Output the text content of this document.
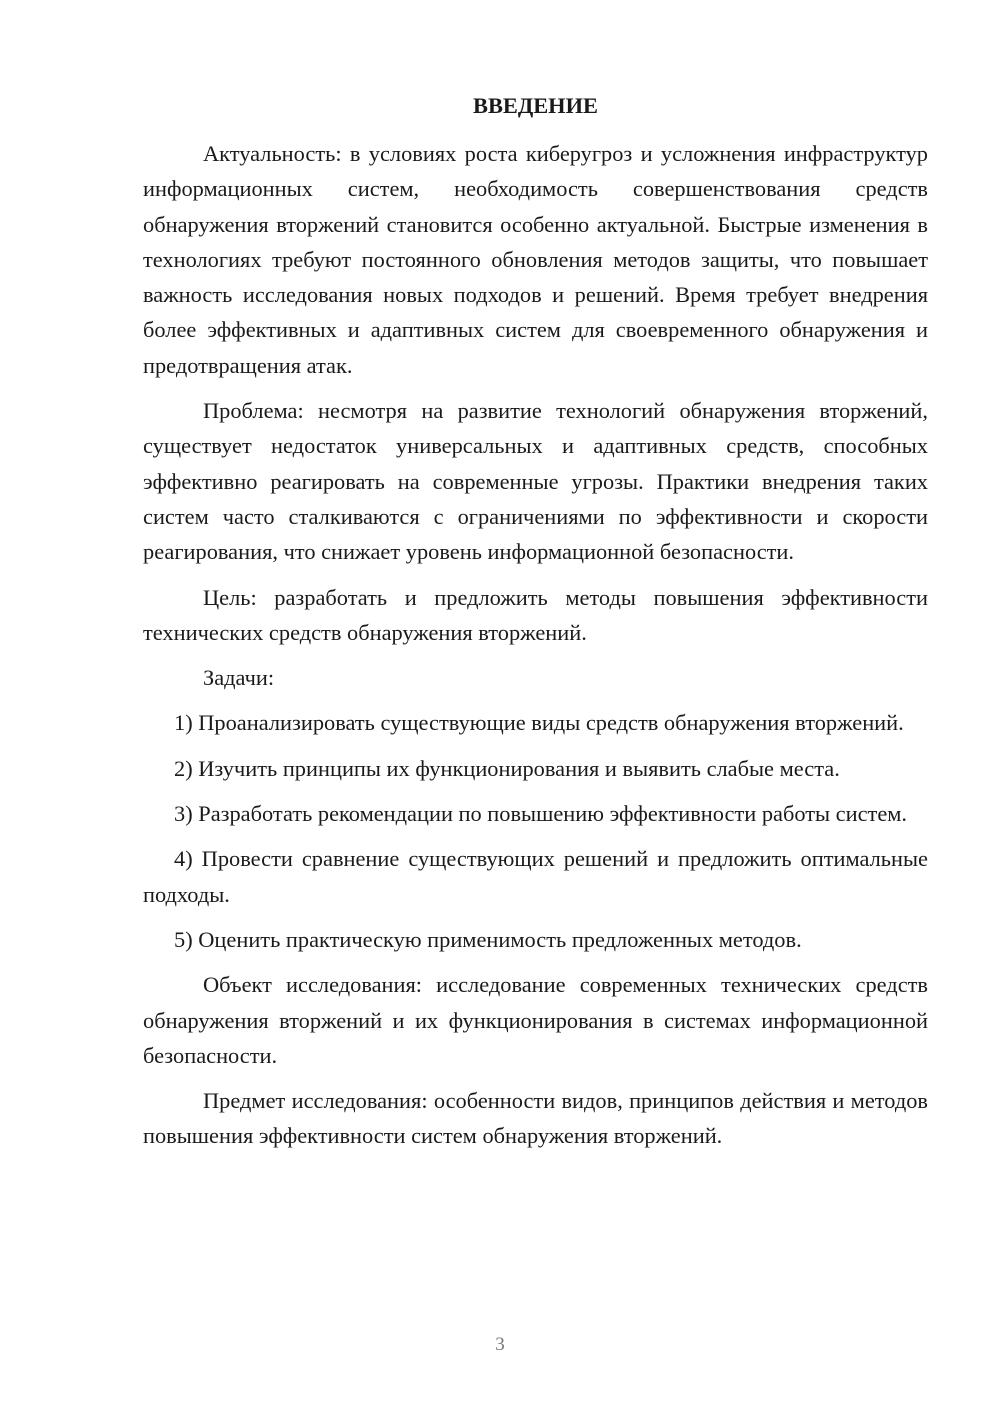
ВВЕДЕНИЕ

Актуальность: в условиях роста киберугроз и усложнения инфраструктур информационных систем, необходимость совершенствования средств обнаружения вторжений становится особенно актуальной. Быстрые изменения в технологиях требуют постоянного обновления методов защиты, что повышает важность исследования новых подходов и решений. Время требует внедрения более эффективных и адаптивных систем для своевременного обнаружения и предотвращения атак.

Проблема: несмотря на развитие технологий обнаружения вторжений, существует недостаток универсальных и адаптивных средств, способных эффективно реагировать на современные угрозы. Практики внедрения таких систем часто сталкиваются с ограничениями по эффективности и скорости реагирования, что снижает уровень информационной безопасности.

Цель: разработать и предложить методы повышения эффективности технических средств обнаружения вторжений.

Задачи:

1) Проанализировать существующие виды средств обнаружения вторжений.

2) Изучить принципы их функционирования и выявить слабые места.

3) Разработать рекомендации по повышению эффективности работы систем.

4) Провести сравнение существующих решений и предложить оптимальные подходы.

5) Оценить практическую применимость предложенных методов.

Объект исследования: исследование современных технических средств обнаружения вторжений и их функционирования в системах информационной безопасности.

Предмет исследования: особенности видов, принципов действия и методов повышения эффективности систем обнаружения вторжений.

3
